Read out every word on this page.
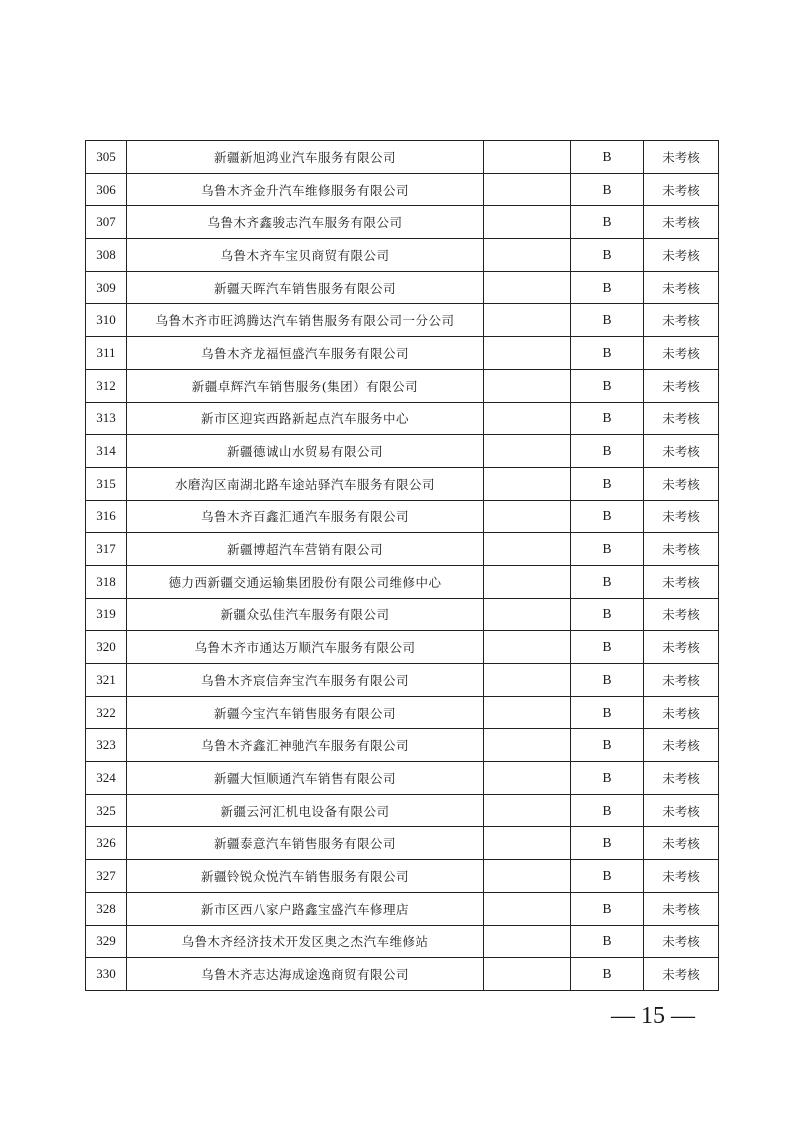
305	新疆新旭鸿业汽车服务有限公司		B	未考核
306	乌鲁木齐金升汽车维修服务有限公司		B	未考核
307	乌鲁木齐鑫骏志汽车服务有限公司		B	未考核
308	乌鲁木齐车宝贝商贸有限公司		B	未考核
309	新疆天晖汽车销售服务有限公司		B	未考核
310	乌鲁木齐市旺鸿腾达汽车销售服务有限公司一分公司		B	未考核
311	乌鲁木齐龙福恒盛汽车服务有限公司		B	未考核
312	新疆卓辉汽车销售服务(集团）有限公司		B	未考核
313	新市区迎宾西路新起点汽车服务中心		B	未考核
314	新疆德诚山水贸易有限公司		B	未考核
315	水磨沟区南湖北路车途站驿汽车服务有限公司		B	未考核
316	乌鲁木齐百鑫汇通汽车服务有限公司		B	未考核
317	新疆博超汽车营销有限公司		B	未考核
318	德力西新疆交通运输集团股份有限公司维修中心		B	未考核
319	新疆众弘佳汽车服务有限公司		B	未考核
320	乌鲁木齐市通达万顺汽车服务有限公司		B	未考核
321	乌鲁木齐宸信奔宝汽车服务有限公司		B	未考核
322	新疆今宝汽车销售服务有限公司		B	未考核
323	乌鲁木齐鑫汇神驰汽车服务有限公司		B	未考核
324	新疆大恒顺通汽车销售有限公司		B	未考核
325	新疆云河汇机电设备有限公司		B	未考核
326	新疆泰意汽车销售服务有限公司		B	未考核
327	新疆铃锐众悦汽车销售服务有限公司		B	未考核
328	新市区西八家户路鑫宝盛汽车修理店		B	未考核
329	乌鲁木齐经济技术开发区奥之杰汽车维修站		B	未考核
330	乌鲁木齐志达海成途逸商贸有限公司		B	未考核
— 15 —
